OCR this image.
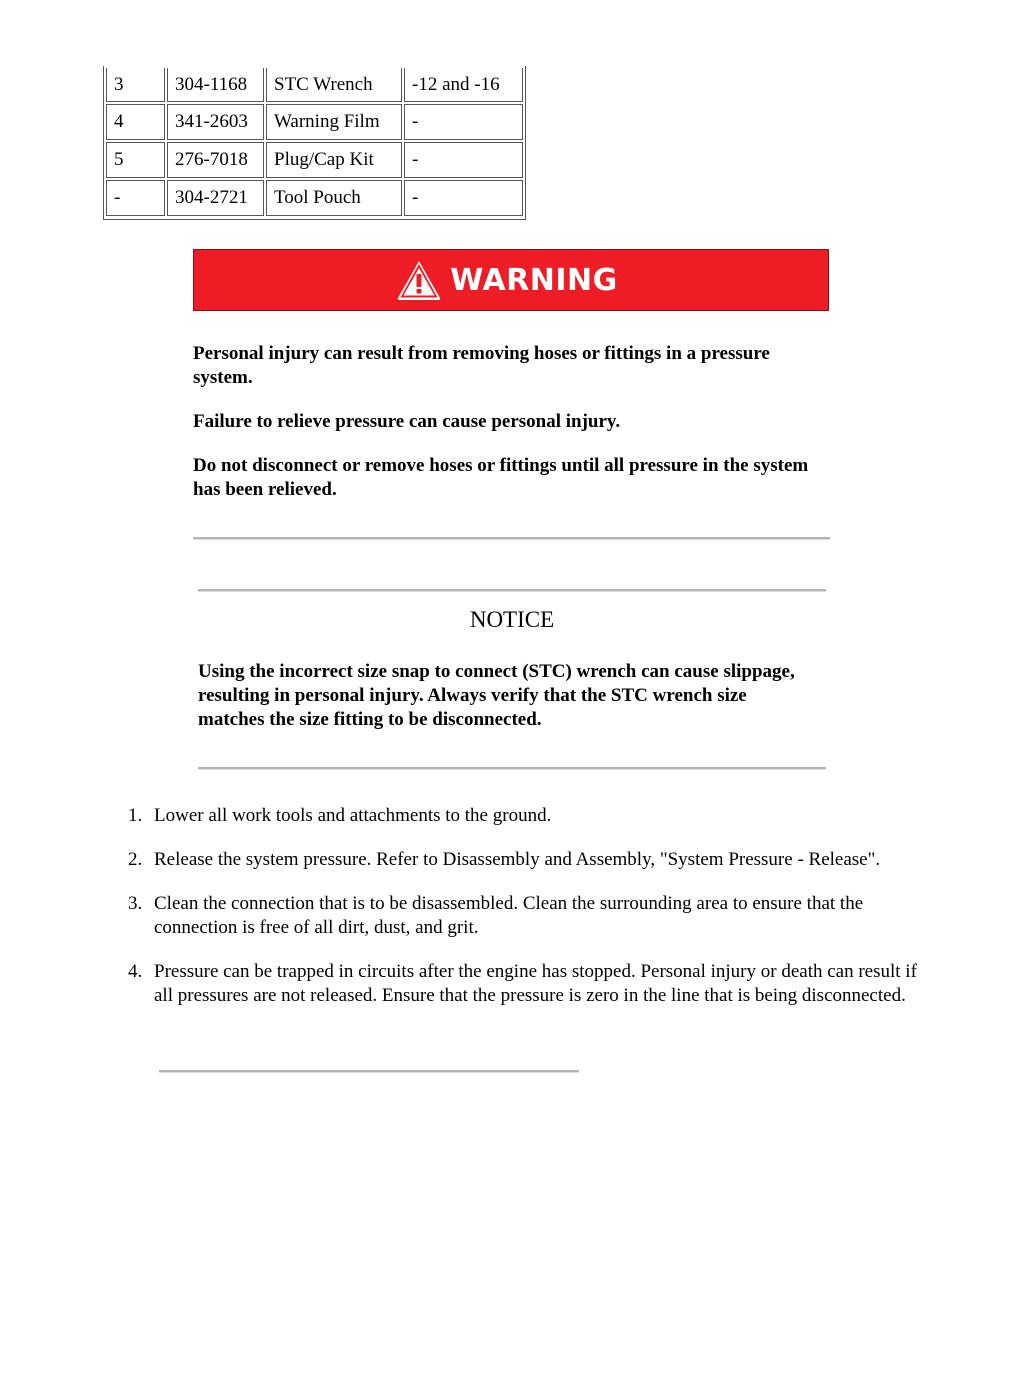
3	304-1168	STC Wrench	-12 and -16
4	341-2603	Warning Film	-
5	276-7018	Plug/Cap Kit	-
-	304-2721	Tool Pouch	-
WARNING

Personal injury can result from removing hoses or fittings in a pressure system.

Failure to relieve pressure can cause personal injury.

Do not disconnect or remove hoses or fittings until all pressure in the system has been relieved.

NOTICE

Using the incorrect size snap to connect (STC) wrench can cause slippage, resulting in personal injury. Always verify that the STC wrench size matches the size fitting to be disconnected.

1. Lower all work tools and attachments to the ground.
2. Release the system pressure. Refer to Disassembly and Assembly, "System Pressure - Release".
3. Clean the connection that is to be disassembled. Clean the surrounding area to ensure that the connection is free of all dirt, dust, and grit.
4. Pressure can be trapped in circuits after the engine has stopped. Personal injury or death can result if all pressures are not released. Ensure that the pressure is zero in the line that is being disconnected.
